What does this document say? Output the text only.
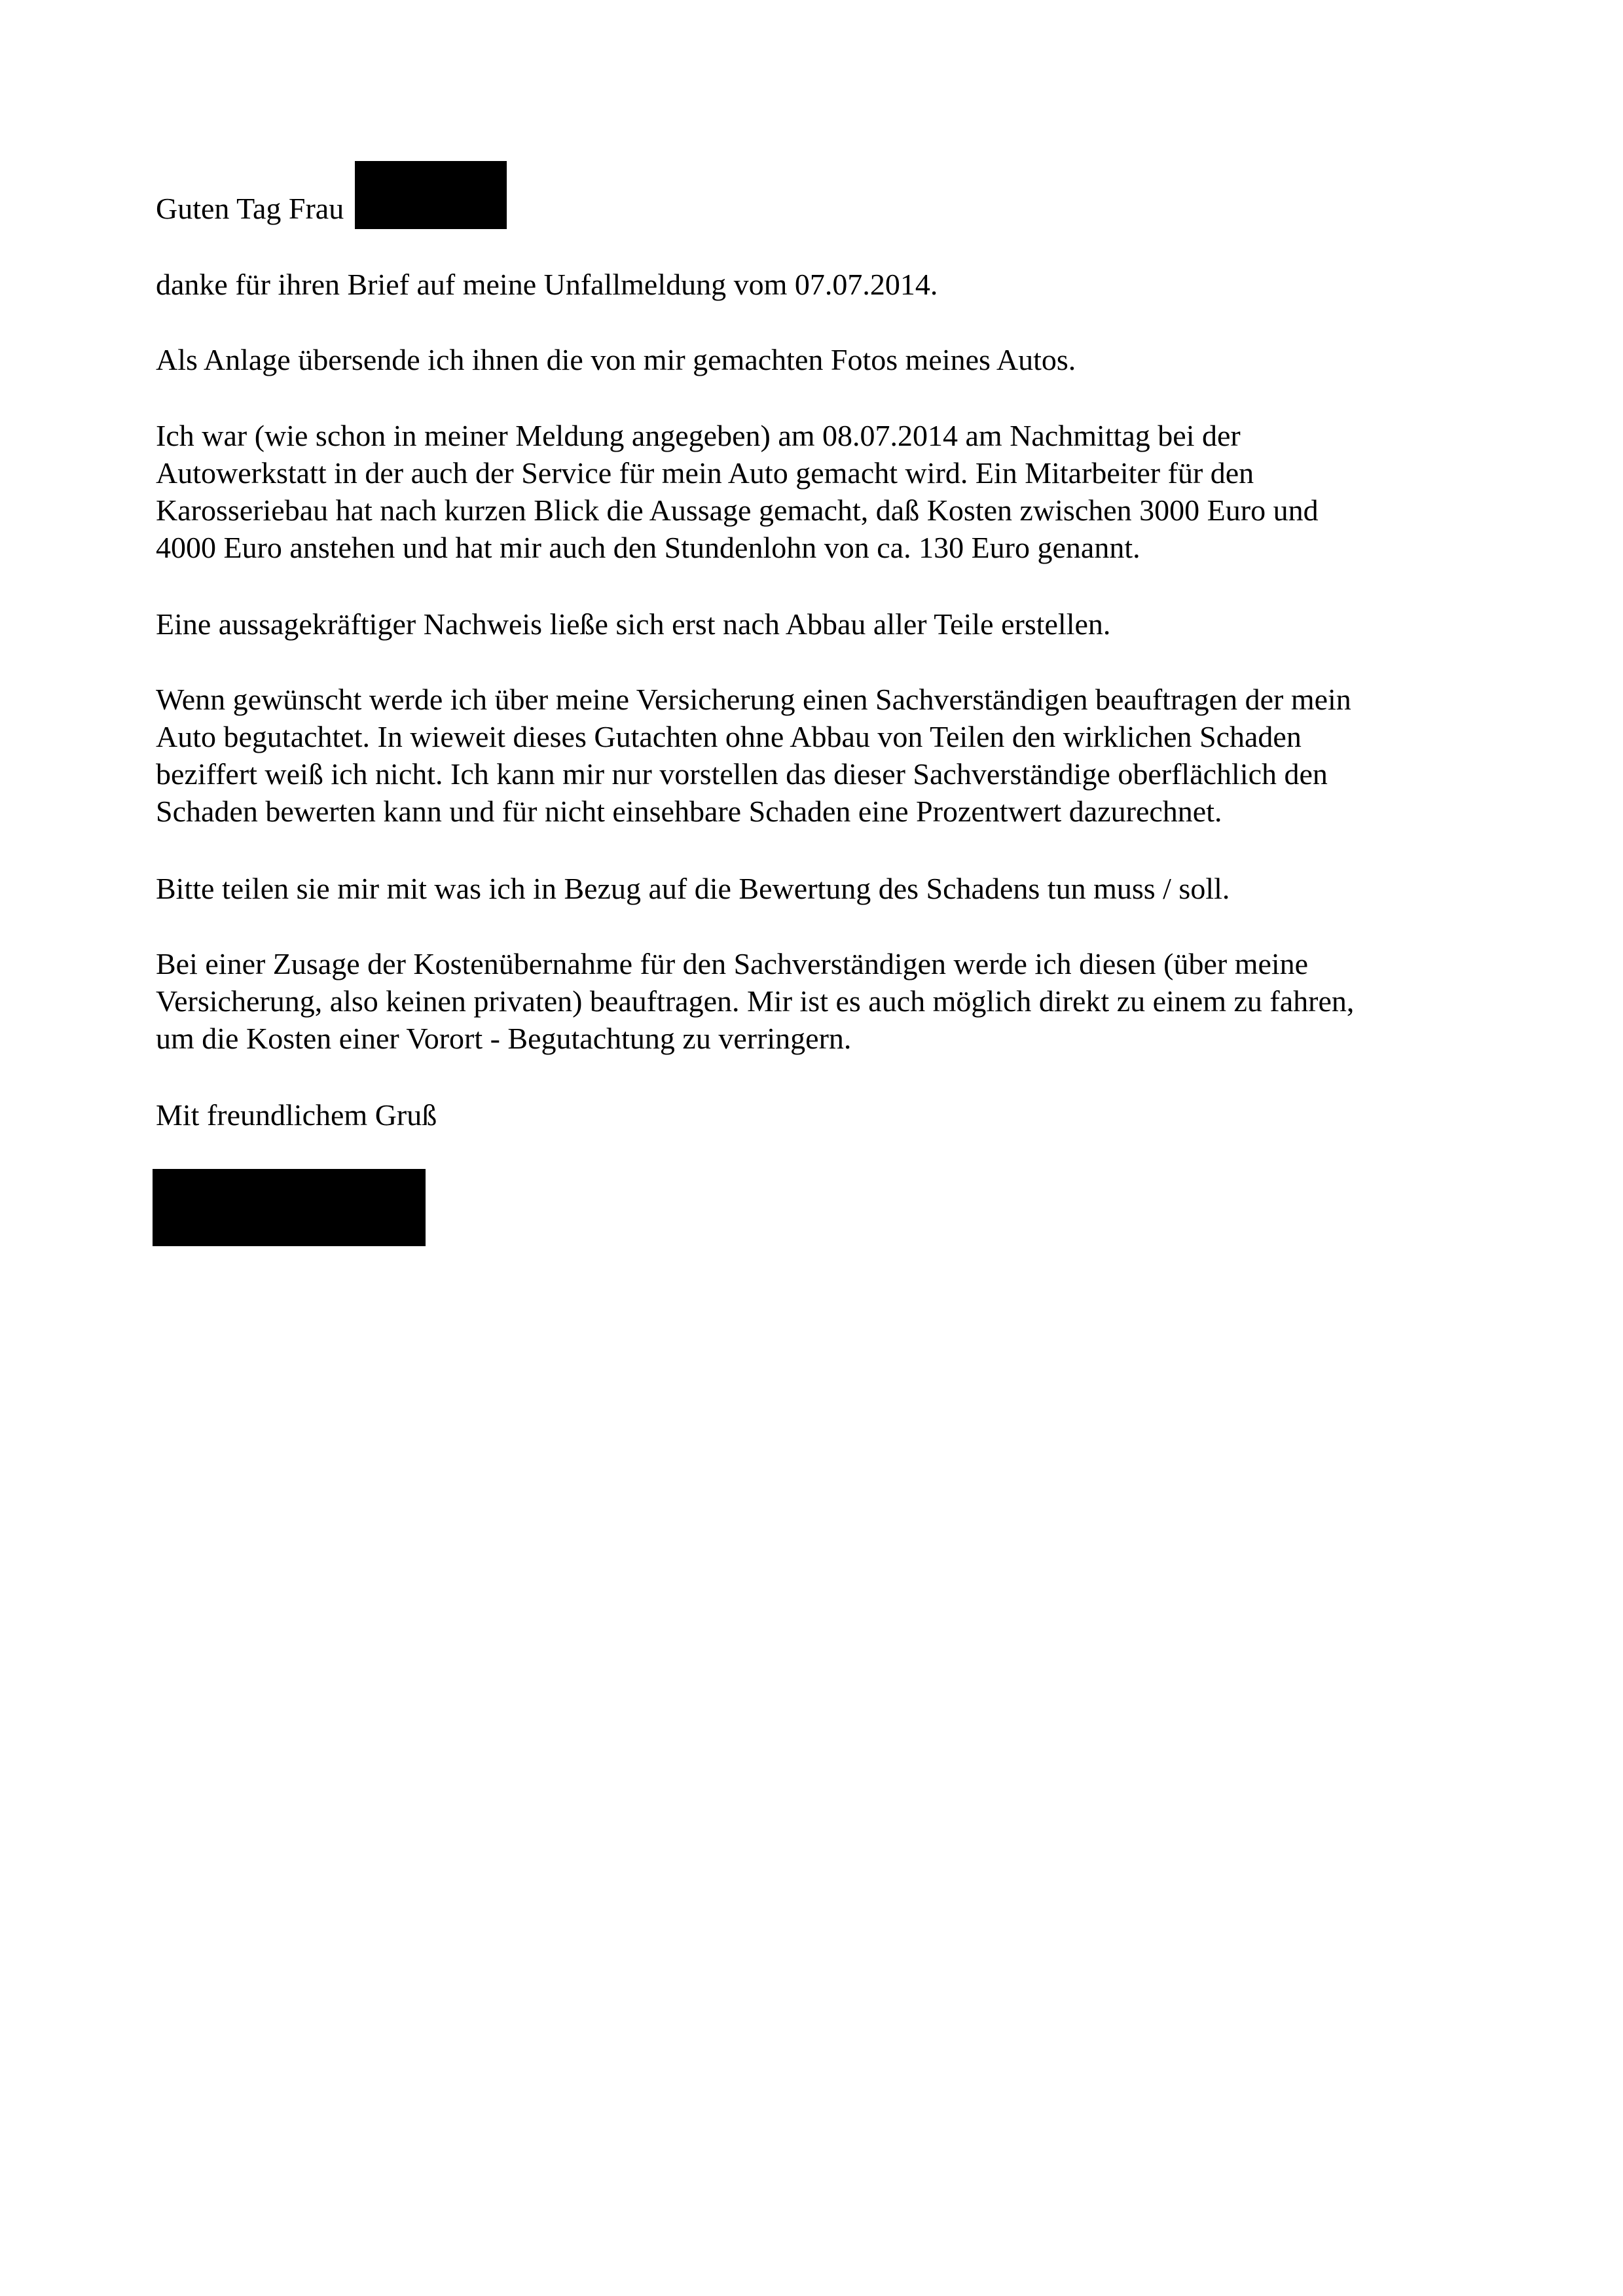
Guten Tag Frau

danke für ihren Brief auf meine Unfallmeldung vom 07.07.2014.

Als Anlage übersende ich ihnen die von mir gemachten Fotos meines Autos.

Ich war (wie schon in meiner Meldung angegeben) am 08.07.2014 am Nachmittag bei der
Autowerkstatt in der auch der Service für mein Auto gemacht wird. Ein Mitarbeiter für den
Karosseriebau hat nach kurzen Blick die Aussage gemacht, daß Kosten zwischen 3000 Euro und
4000 Euro anstehen und hat mir auch den Stundenlohn von ca. 130 Euro genannt.

Eine aussagekräftiger Nachweis ließe sich erst nach Abbau aller Teile erstellen.

Wenn gewünscht werde ich über meine Versicherung einen Sachverständigen beauftragen der mein
Auto begutachtet. In wieweit dieses Gutachten ohne Abbau von Teilen den wirklichen Schaden
beziffert weiß ich nicht. Ich kann mir nur vorstellen das dieser Sachverständige oberflächlich den
Schaden bewerten kann und für nicht einsehbare Schaden eine Prozentwert dazurechnet.

Bitte teilen sie mir mit was ich in Bezug auf die Bewertung des Schadens tun muss / soll.

Bei einer Zusage der Kostenübernahme für den Sachverständigen werde ich diesen (über meine
Versicherung, also keinen privaten) beauftragen. Mir ist es auch möglich direkt zu einem zu fahren,
um die Kosten einer Vorort - Begutachtung zu verringern.

Mit freundlichem Gruß
